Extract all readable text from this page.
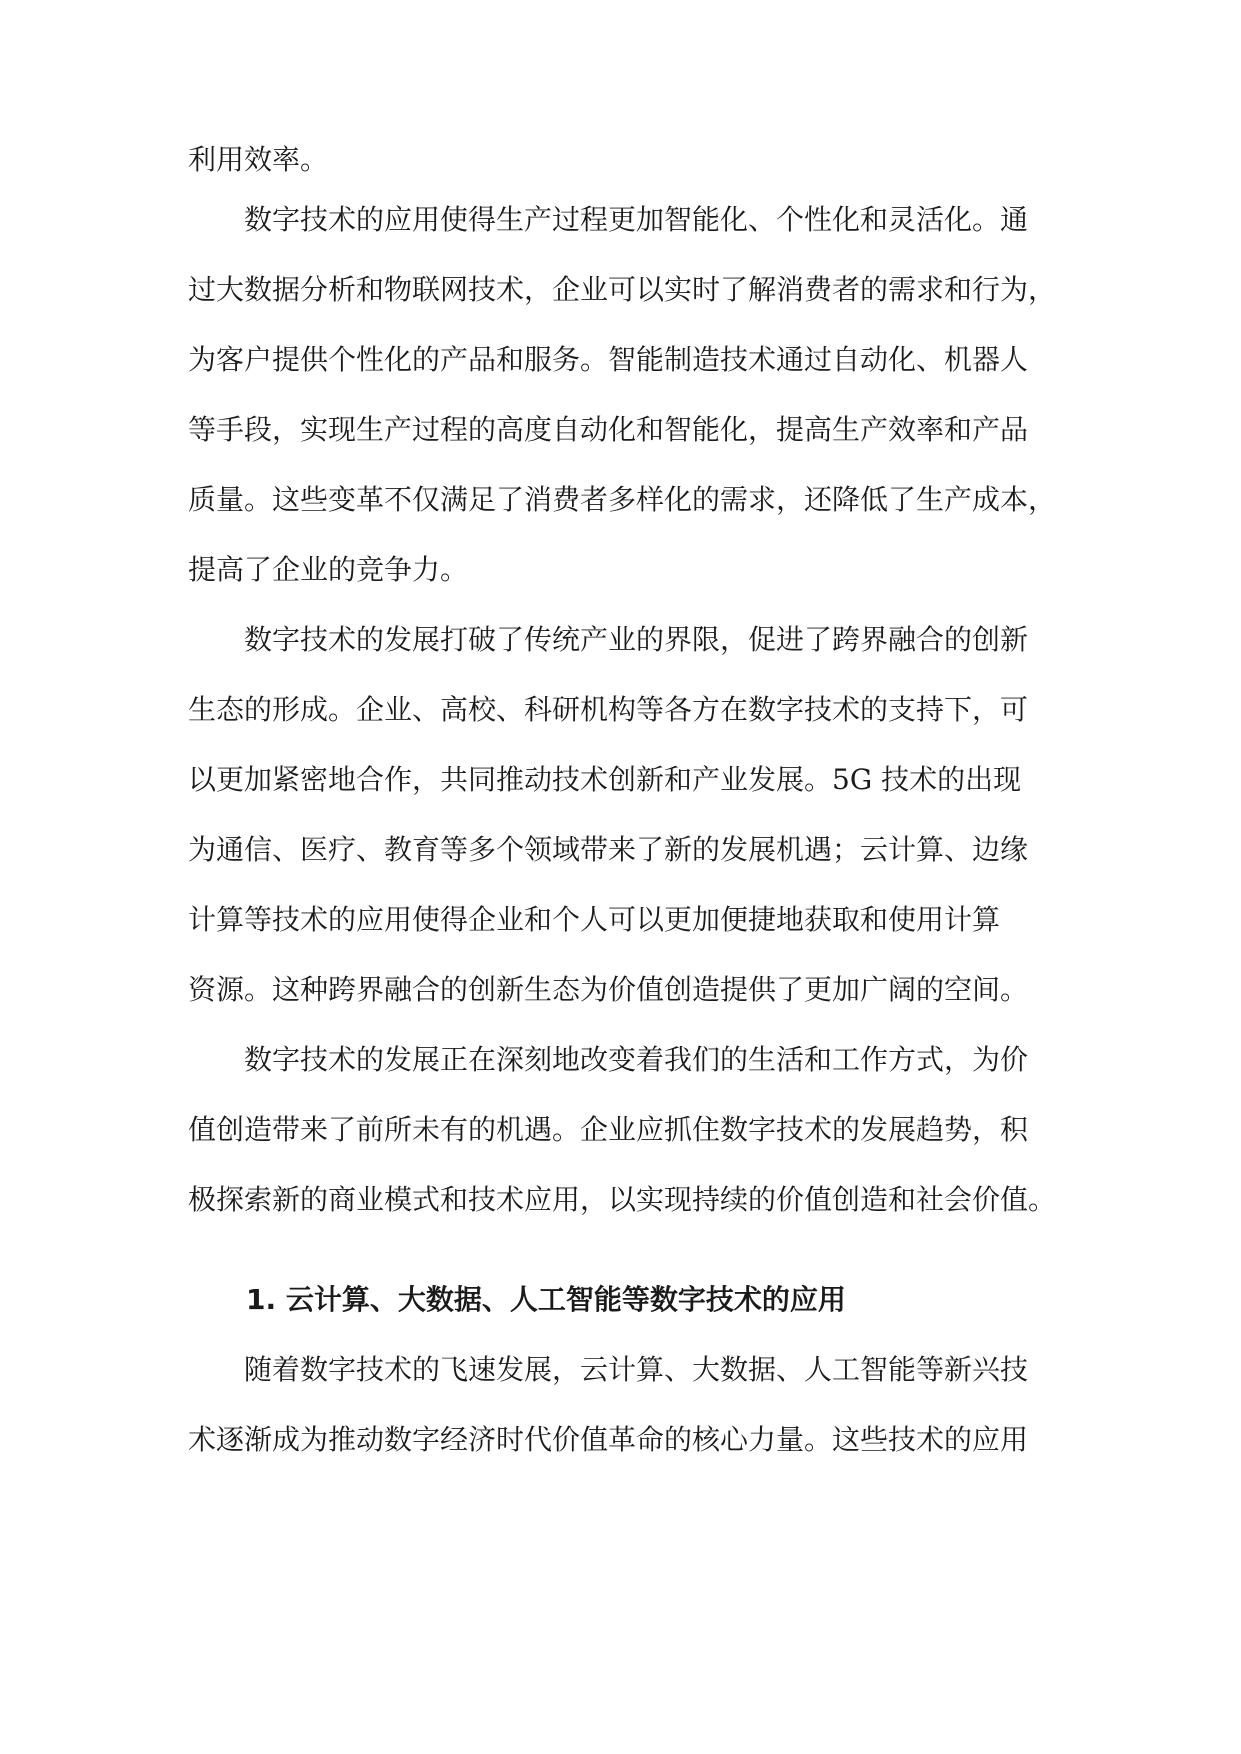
利用效率。
　　数字技术的应用使得生产过程更加智能化、个性化和灵活化。通
过大数据分析和物联网技术，企业可以实时了解消费者的需求和行为，
为客户提供个性化的产品和服务。智能制造技术通过自动化、机器人
等手段，实现生产过程的高度自动化和智能化，提高生产效率和产品
质量。这些变革不仅满足了消费者多样化的需求，还降低了生产成本，
提高了企业的竞争力。
　　数字技术的发展打破了传统产业的界限，促进了跨界融合的创新
生态的形成。企业、高校、科研机构等各方在数字技术的支持下，可
以更加紧密地合作，共同推动技术创新和产业发展。5G 技术的出现
为通信、医疗、教育等多个领域带来了新的发展机遇；云计算、边缘
计算等技术的应用使得企业和个人可以更加便捷地获取和使用计算
资源。这种跨界融合的创新生态为价值创造提供了更加广阔的空间。
　　数字技术的发展正在深刻地改变着我们的生活和工作方式，为价
值创造带来了前所未有的机遇。企业应抓住数字技术的发展趋势，积
极探索新的商业模式和技术应用，以实现持续的价值创造和社会价值。
1. 云计算、大数据、人工智能等数字技术的应用
　　随着数字技术的飞速发展，云计算、大数据、人工智能等新兴技
术逐渐成为推动数字经济时代价值革命的核心力量。这些技术的应用
